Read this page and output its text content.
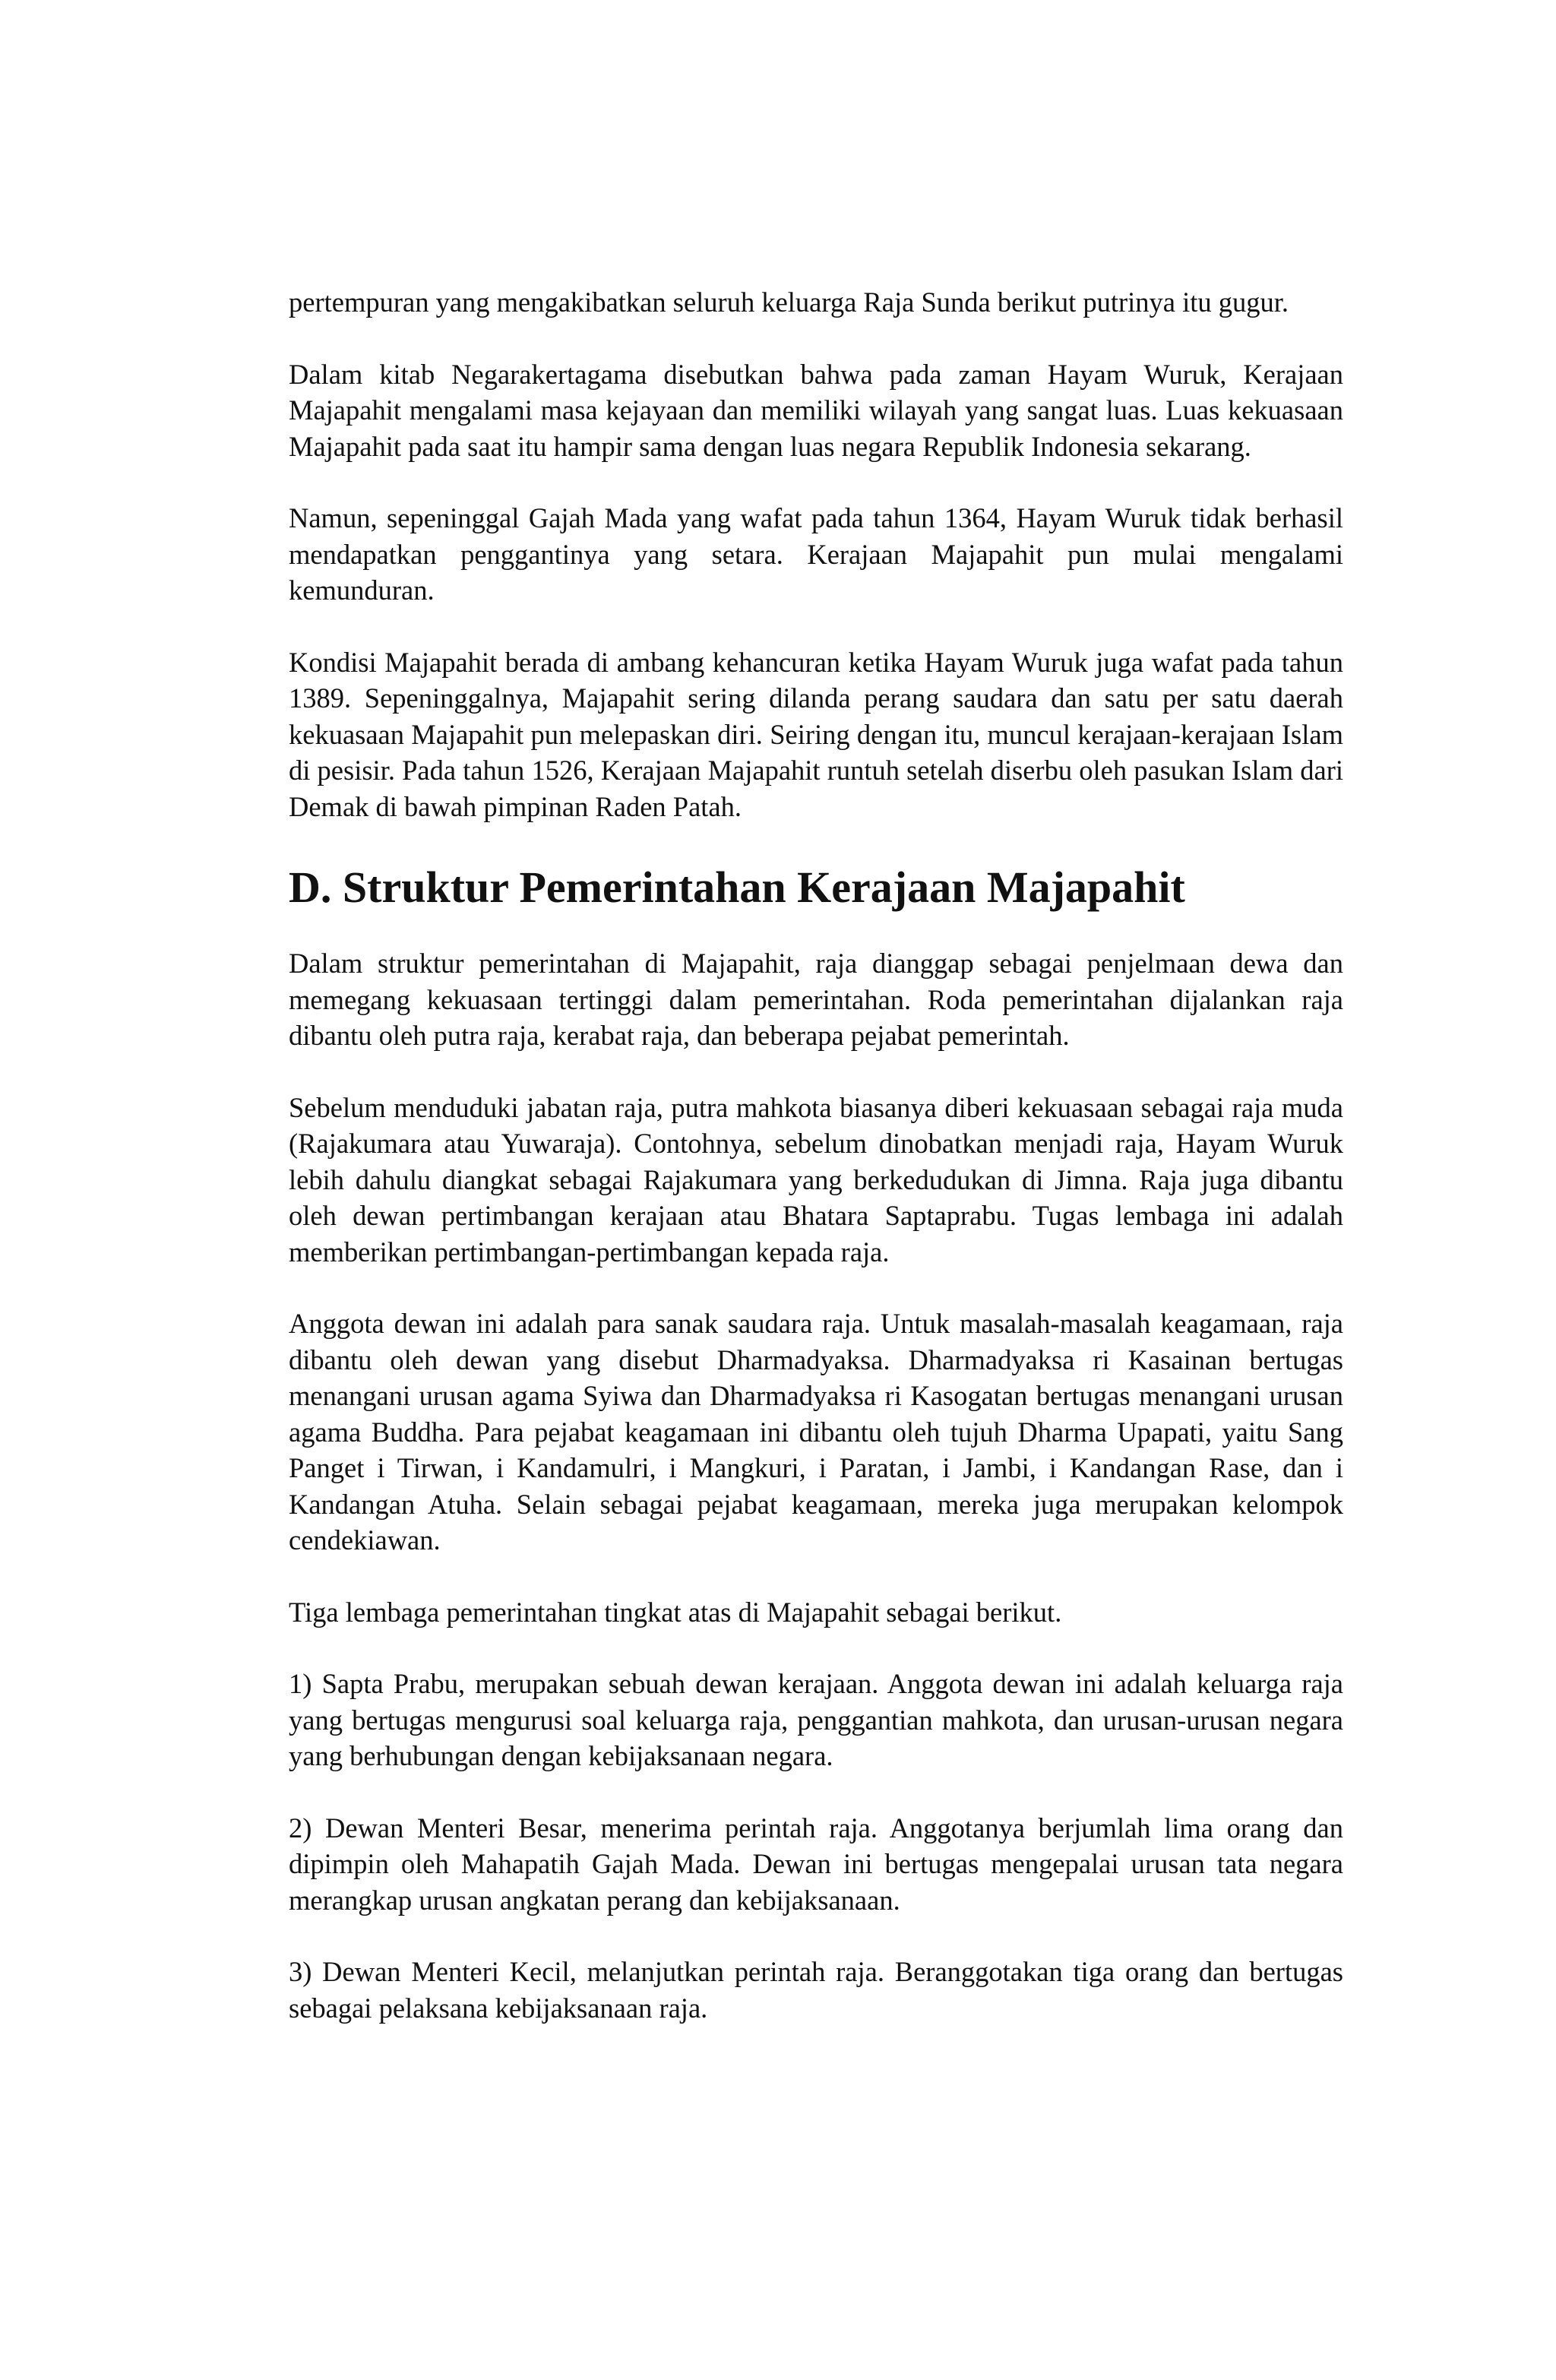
pertempuran yang mengakibatkan seluruh keluarga Raja Sunda berikut putrinya itu gugur.

Dalam kitab Negarakertagama disebutkan bahwa pada zaman Hayam Wuruk, Kerajaan Majapahit mengalami masa kejayaan dan memiliki wilayah yang sangat luas. Luas kekuasaan Majapahit pada saat itu hampir sama dengan luas negara Republik Indonesia sekarang.

Namun, sepeninggal Gajah Mada yang wafat pada tahun 1364, Hayam Wuruk tidak berhasil mendapatkan penggantinya yang setara. Kerajaan Majapahit pun mulai mengalami kemunduran.

Kondisi Majapahit berada di ambang kehancuran ketika Hayam Wuruk juga wafat pada tahun 1389. Sepeninggalnya, Majapahit sering dilanda perang saudara dan satu per satu daerah kekuasaan Majapahit pun melepaskan diri. Seiring dengan itu, muncul kerajaan-kerajaan Islam di pesisir. Pada tahun 1526, Kerajaan Majapahit runtuh setelah diserbu oleh pasukan Islam dari Demak di bawah pimpinan Raden Patah.

D. Struktur Pemerintahan Kerajaan Majapahit

Dalam struktur pemerintahan di Majapahit, raja dianggap sebagai penjelmaan dewa dan memegang kekuasaan tertinggi dalam pemerintahan. Roda pemerintahan dijalankan raja dibantu oleh putra raja, kerabat raja, dan beberapa pejabat pemerintah.

Sebelum menduduki jabatan raja, putra mahkota biasanya diberi kekuasaan sebagai raja muda (Rajakumara atau Yuwaraja). Contohnya, sebelum dinobatkan menjadi raja, Hayam Wuruk lebih dahulu diangkat sebagai Rajakumara yang berkedudukan di Jimna. Raja juga dibantu oleh dewan pertimbangan kerajaan atau Bhatara Saptaprabu. Tugas lembaga ini adalah memberikan pertimbangan-pertimbangan kepada raja.

Anggota dewan ini adalah para sanak saudara raja. Untuk masalah-masalah keagamaan, raja dibantu oleh dewan yang disebut Dharmadyaksa. Dharmadyaksa ri Kasainan bertugas menangani urusan agama Syiwa dan Dharmadyaksa ri Kasogatan bertugas menangani urusan agama Buddha. Para pejabat keagamaan ini dibantu oleh tujuh Dharma Upapati, yaitu Sang Panget i Tirwan, i Kandamulri, i Mangkuri, i Paratan, i Jambi, i Kandangan Rase, dan i Kandangan Atuha. Selain sebagai pejabat keagamaan, mereka juga merupakan kelompok cendekiawan.

Tiga lembaga pemerintahan tingkat atas di Majapahit sebagai berikut.

1) Sapta Prabu, merupakan sebuah dewan kerajaan. Anggota dewan ini adalah keluarga raja yang bertugas mengurusi soal keluarga raja, penggantian mahkota, dan urusan-urusan negara yang berhubungan dengan kebijaksanaan negara.

2) Dewan Menteri Besar, menerima perintah raja. Anggotanya berjumlah lima orang dan dipimpin oleh Mahapatih Gajah Mada. Dewan ini bertugas mengepalai urusan tata negara merangkap urusan angkatan perang dan kebijaksanaan.

3) Dewan Menteri Kecil, melanjutkan perintah raja. Beranggotakan tiga orang dan bertugas sebagai pelaksana kebijaksanaan raja.
